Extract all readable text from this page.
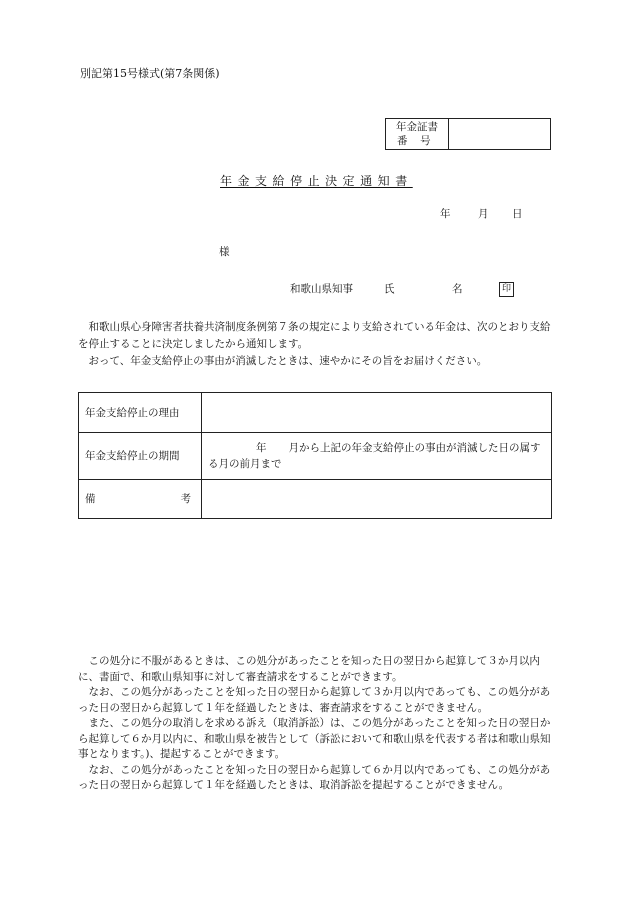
別記第15号様式(第7条関係)
年金証書
番号

年金支給停止決定通知書
年	月 日
様
和歌山県知事	氏	名	印

和歌山県心身障害者扶養共済制度条例第７条の規定により支給されている年金は、次のとおり支給を停止することに決定しましたから通知します。

おって、年金支給停止の事由が消滅したときは、速やかにその旨をお届けください。

年金支給停止の理由	
年金支給停止の期間	年 月から上記の年金支給停止の事由が消滅した日の属する月の前月まで

備 考	

この処分に不服があるときは、この処分があったことを知った日の翌日から起算して３か月以内に、書面で、和歌山県知事に対して審査請求をすることができます。

なお、この処分があったことを知った日の翌日から起算して３か月以内であっても、この処分があった日の翌日から起算して１年を経過したときは、審査請求をすることができません。

また、この処分の取消しを求める訴え（取消訴訟）は、この処分があったことを知った日の翌日から起算して６か月以内に、和歌山県を被告として（訴訟において和歌山県を代表する者は和歌山県知事となります。)、提起することができます。

なお、この処分があったことを知った日の翌日から起算して６か月以内であっても、この処分があった日の翌日から起算して１年を経過したときは、取消訴訟を提起することができません。
